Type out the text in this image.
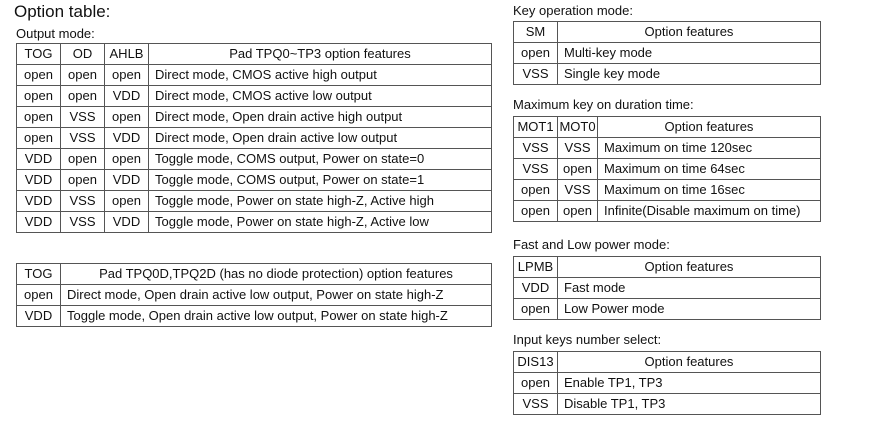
Option table:
Output mode:
TOG	OD	AHLB	Pad TPQ0~TP3 option features
open	open	open	Direct mode, CMOS active high output
open	open	VDD	Direct mode, CMOS active low output
open	VSS	open	Direct mode, Open drain active high output
open	VSS	VDD	Direct mode, Open drain active low output
VDD	open	open	Toggle mode, COMS output, Power on state=0
VDD	open	VDD	Toggle mode, COMS output, Power on state=1
VDD	VSS	open	Toggle mode, Power on state high-Z, Active high
VDD	VSS	VDD	Toggle mode, Power on state high-Z, Active low
TOG	Pad TPQ0D,TPQ2D (has no diode protection) option features
open	Direct mode, Open drain active low output, Power on state high-Z
VDD	Toggle mode, Open drain active low output, Power on state high-Z
Key operation mode:
SM	Option features
open	Multi-key mode
VSS	Single key mode
Maximum key on duration time:
MOT1	MOT0	Option features
VSS	VSS	Maximum on time 120sec
VSS	open	Maximum on time 64sec
open	VSS	Maximum on time 16sec
open	open	Infinite(Disable maximum on time)
Fast and Low power mode:
LPMB	Option features
VDD	Fast mode
open	Low Power mode
Input keys number select:
DIS13	Option features
open	Enable TP1, TP3
VSS	Disable TP1, TP3
